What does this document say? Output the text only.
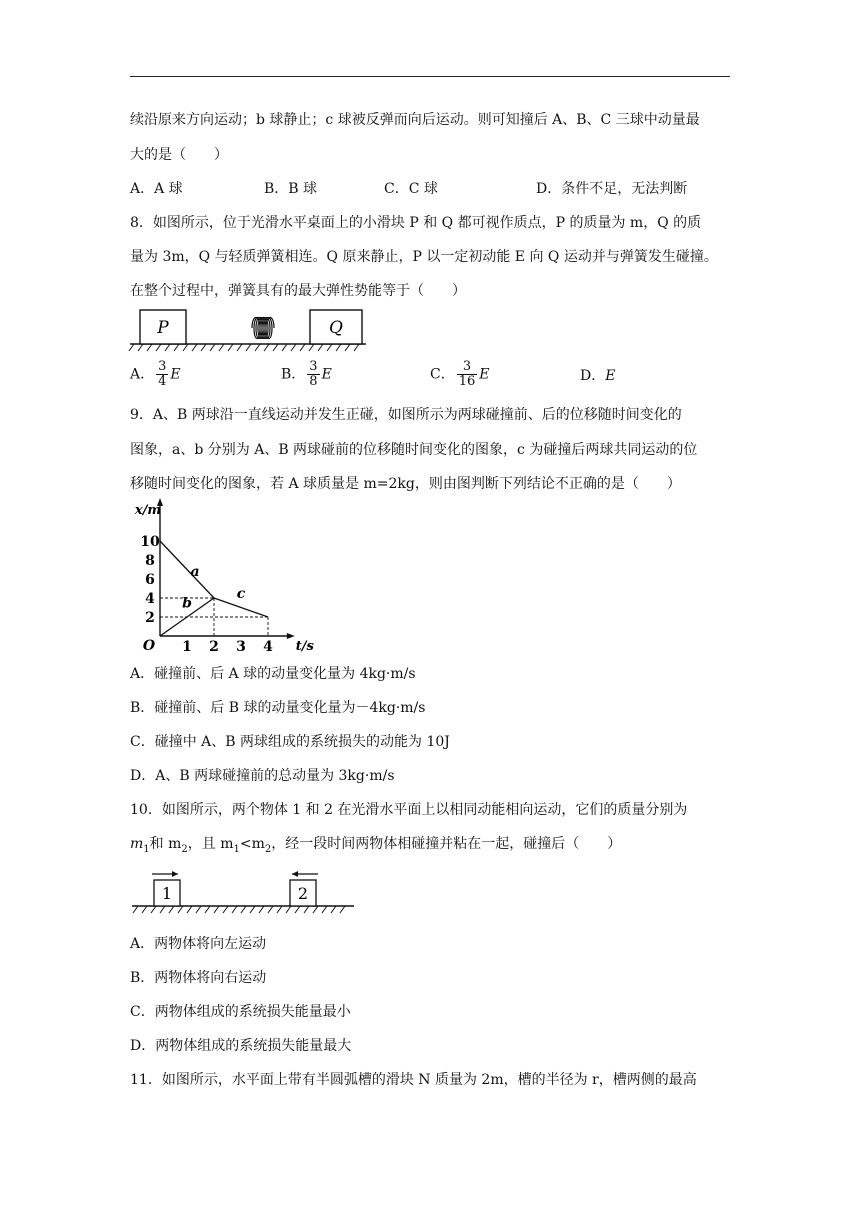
续沿原来方向运动；b 球静止；c 球被反弹而向后运动。则可知撞后 A、B、C 三球中动量最
大的是（　　）
A．A 球	B．B 球	C．C 球	D．条件不足，无法判断
8．如图所示，位于光滑水平桌面上的小滑块 P 和 Q 都可视作质点，P 的质量为 m，Q 的质
量为 3m，Q 与轻质弹簧相连。Q 原来静止，P 以一定初动能 E 向 Q 运动并与弹簧发生碰撞。
在整个过程中，弹簧具有的最大弹性势能等于（　　）
P	Q
A． $\frac{3}{4}$ E	B． $\frac{3}{8}$ E	C． $\frac{3}{16}$ E	D．E
9．A、B 两球沿一直线运动并发生正碰，如图所示为两球碰撞前、后的位移随时间变化的
图象，a、b 分别为 A、B 两球碰前的位移随时间变化的图象，c 为碰撞后两球共同运动的位
移随时间变化的图象，若 A 球质量是 m=2kg，则由图判断下列结论不正确的是（　　）
x/m
t/s
O
2
4
6
8
10
1 2 3 4
a
b
c
A．碰撞前、后 A 球的动量变化量为 4kg·m/s
B．碰撞前、后 B 球的动量变化量为－4kg·m/s
C．碰撞中 A、B 两球组成的系统损失的动能为 10J
D．A、B 两球碰撞前的总动量为 3kg·m/s
10．如图所示，两个物体 1 和 2 在光滑水平面上以相同动能相向运动，它们的质量分别为
$m_1$和 $m_2$，且 $m_1<m_2$，经一段时间两物体相碰撞并粘在一起，碰撞后（　　）
1	2
A．两物体将向左运动
B．两物体将向右运动
C．两物体组成的系统损失能量最小
D．两物体组成的系统损失能量最大
11．如图所示，水平面上带有半圆弧槽的滑块 N 质量为 2m，槽的半径为 r，槽两侧的最高
